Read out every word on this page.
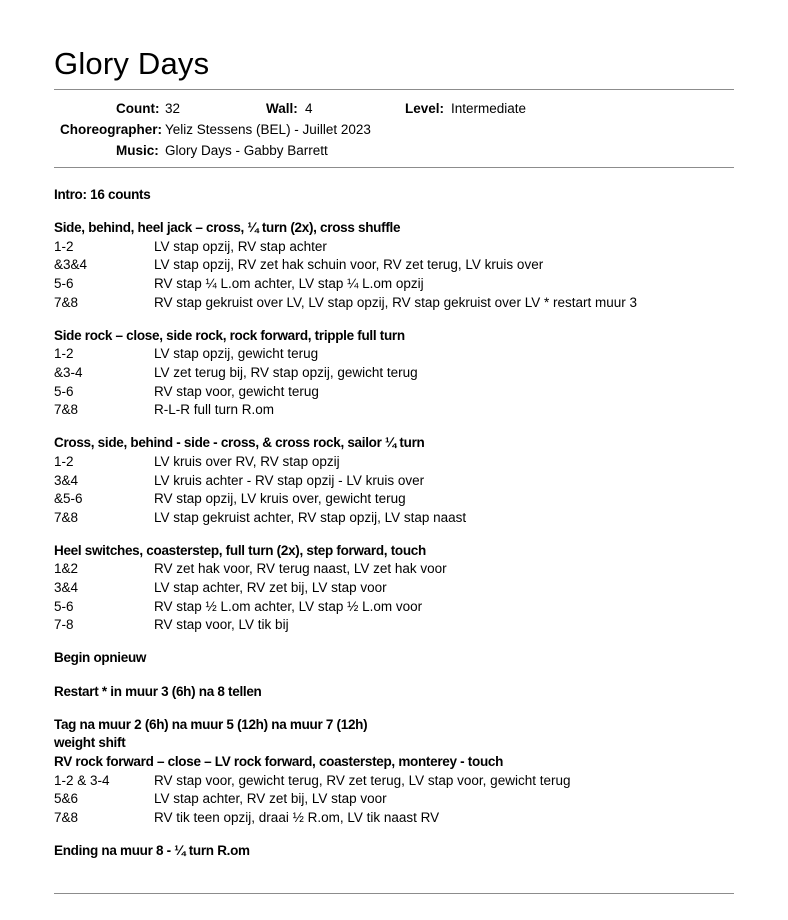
Glory Days
Count: 32	Wall: 4	Level: Intermediate
Choreographer: Yeliz Stessens (BEL) - Juillet 2023
Music: Glory Days - Gabby Barrett
Intro: 16 counts
Side, behind, heel jack – cross, ¼ turn (2x), cross shuffle
1-2	LV stap opzij, RV stap achter
&3&4	LV stap opzij, RV zet hak schuin voor, RV zet terug, LV kruis over
5-6	RV stap ¼ L.om achter, LV stap ¼ L.om opzij
7&8	RV stap gekruist over LV, LV stap opzij, RV stap gekruist over LV * restart muur 3
Side rock – close, side rock, rock forward, tripple full turn
1-2	LV stap opzij, gewicht terug
&3-4	LV zet terug bij, RV stap opzij, gewicht terug
5-6	RV stap voor, gewicht terug
7&8	R-L-R full turn R.om
Cross, side, behind - side - cross, & cross rock, sailor ¼ turn
1-2	LV kruis over RV, RV stap opzij
3&4	LV kruis achter - RV stap opzij - LV kruis over
&5-6	RV stap opzij, LV kruis over, gewicht terug
7&8	LV stap gekruist achter, RV stap opzij, LV stap naast
Heel switches, coasterstep, full turn (2x), step forward, touch
1&2	RV zet hak voor, RV terug naast, LV zet hak voor
3&4	LV stap achter, RV zet bij, LV stap voor
5-6	RV stap ½ L.om achter, LV stap ½ L.om voor
7-8	RV stap voor, LV tik bij
Begin opnieuw
Restart * in muur 3 (6h) na 8 tellen
Tag na muur 2 (6h) na muur 5 (12h) na muur 7 (12h)
weight shift
RV rock forward – close – LV rock forward, coasterstep, monterey - touch
1-2 & 3-4	RV stap voor, gewicht terug, RV zet terug, LV stap voor, gewicht terug
5&6	LV stap achter, RV zet bij, LV stap voor
7&8	RV tik teen opzij, draai ½ R.om, LV tik naast RV
Ending na muur 8 - ¼ turn R.om
